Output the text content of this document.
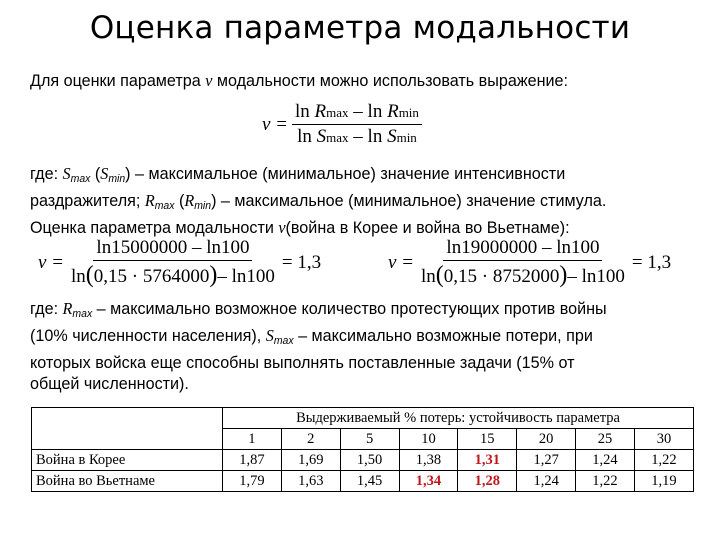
Оценка параметра модальности
Для оценки параметра ν модальности можно использовать выражение:
$\nu = \frac{\text{ln Rmax – ln Rmin}}{\text{ln Smax – ln Smin}}$
где: $S_{max}$ $(S_{min})$ – максимальное (минимальное) значение интенсивности
раздражителя; $R_{max}$ $(R_{min})$ – максимальное (минимальное) значение стимула.
Оценка параметра модальности ν(война в Корее и война во Вьетнаме):
$\nu = \frac{\ln 15000000 - \ln 100}{\ln(0,15 \cdot 5764000)- \ln 100} = 1,3$	$\nu = \frac{\ln 19000000 - \ln 100}{\ln(0,15 \cdot 8752000)- \ln 100} = 1,3$
где: $R_{max}$ – максимально возможное количество протестующих против войны
(10% численности населения), $S_{max}$ – максимально возможные потери, при
которых войска еще способны выполнять поставленные задачи (15% от
общей численности).
	Выдерживаемый % потерь: устойчивость параметра							
	1	2	5	10	15	20	25	30
Война в Корее	1,87	1,69	1,50	1,38	1,31	1,27	1,24	1,22
Война во Вьетнаме	1,79	1,63	1,45	1,34	1,28	1,24	1,22	1,19
